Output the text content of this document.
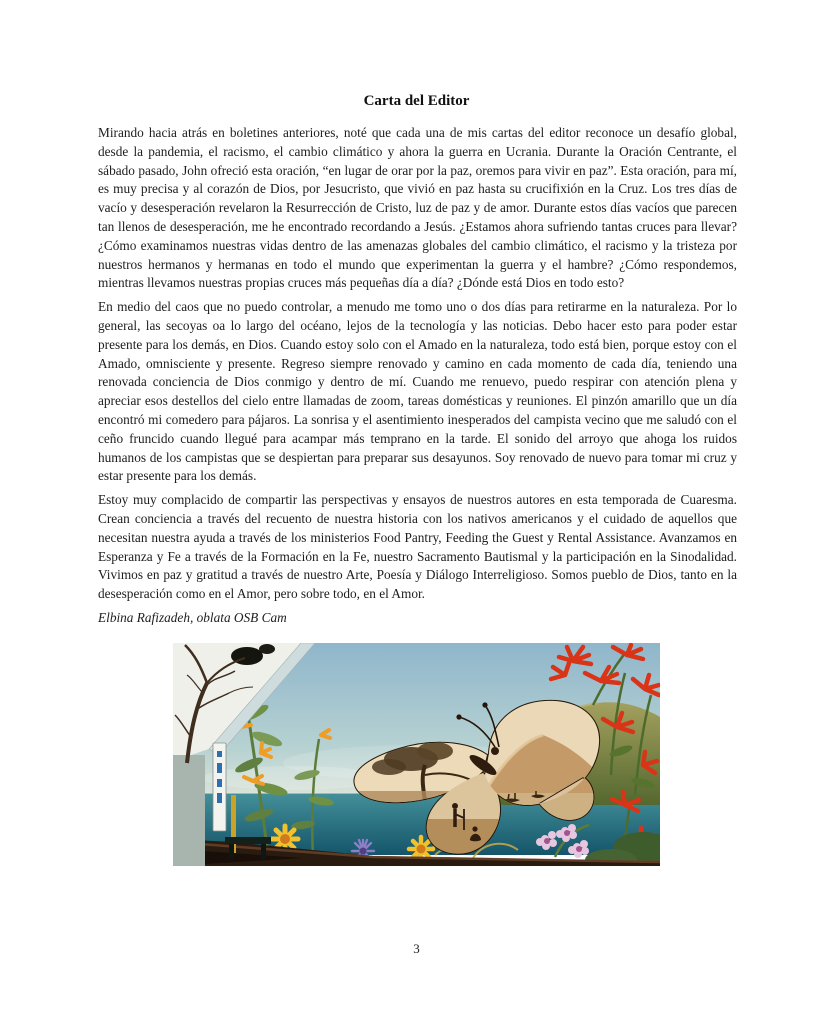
Carta del Editor

Mirando hacia atrás en boletines anteriores, noté que cada una de mis cartas del editor reconoce un desafío global, desde la pandemia, el racismo, el cambio climático y ahora la guerra en Ucrania. Durante la Oración Centrante, el sábado pasado, John ofreció esta oración, “en lugar de orar por la paz, oremos para vivir en paz”. Esta oración, para mí, es muy precisa y al corazón de Dios, por Jesucristo, que vivió en paz hasta su crucifixión en la Cruz. Los tres días de vacío y desesperación revelaron la Resurrección de Cristo, luz de paz y de amor. Durante estos días vacíos que parecen tan llenos de desesperación, me he encontrado recordando a Jesús. ¿Estamos ahora sufriendo tantas cruces para llevar? ¿Cómo examinamos nuestras vidas dentro de las amenazas globales del cambio climático, el racismo y la tristeza por nuestros hermanos y hermanas en todo el mundo que experimentan la guerra y el hambre? ¿Cómo respondemos, mientras llevamos nuestras propias cruces más pequeñas día a día? ¿Dónde está Dios en todo esto?

En medio del caos que no puedo controlar, a menudo me tomo uno o dos días para retirarme en la naturaleza. Por lo general, las secoyas oa lo largo del océano, lejos de la tecnología y las noticias. Debo hacer esto para poder estar presente para los demás, en Dios. Cuando estoy solo con el Amado en la naturaleza, todo está bien, porque estoy con el Amado, omnisciente y presente. Regreso siempre renovado y camino en cada momento de cada día, teniendo una renovada conciencia de Dios conmigo y dentro de mí. Cuando me renuevo, puedo respirar con atención plena y apreciar esos destellos del cielo entre llamadas de zoom, tareas domésticas y reuniones. El pinzón amarillo que un día encontró mi comedero para pájaros. La sonrisa y el asentimiento inesperados del campista vecino que me saludó con el ceño fruncido cuando llegué para acampar más temprano en la tarde. El sonido del arroyo que ahoga los ruidos humanos de los campistas que se despiertan para preparar sus desayunos. Soy renovado de nuevo para tomar mi cruz y estar presente para los demás.

Estoy muy complacido de compartir las perspectivas y ensayos de nuestros autores en esta temporada de Cuaresma. Crean conciencia a través del recuento de nuestra historia con los nativos americanos y el cuidado de aquellos que necesitan nuestra ayuda a través de los ministerios Food Pantry, Feeding the Guest y Rental Assistance. Avanzamos en Esperanza y Fe a través de la Formación en la Fe, nuestro Sacramento Bautismal y la participación en la Sinodalidad. Vivimos en paz y gratitud a través de nuestro Arte, Poesía y Diálogo Interreligioso. Somos pueblo de Dios, tanto en la desesperación como en el Amor, pero sobre todo, en el Amor.

Elbina Rafizadeh, oblata OSB Cam

3
